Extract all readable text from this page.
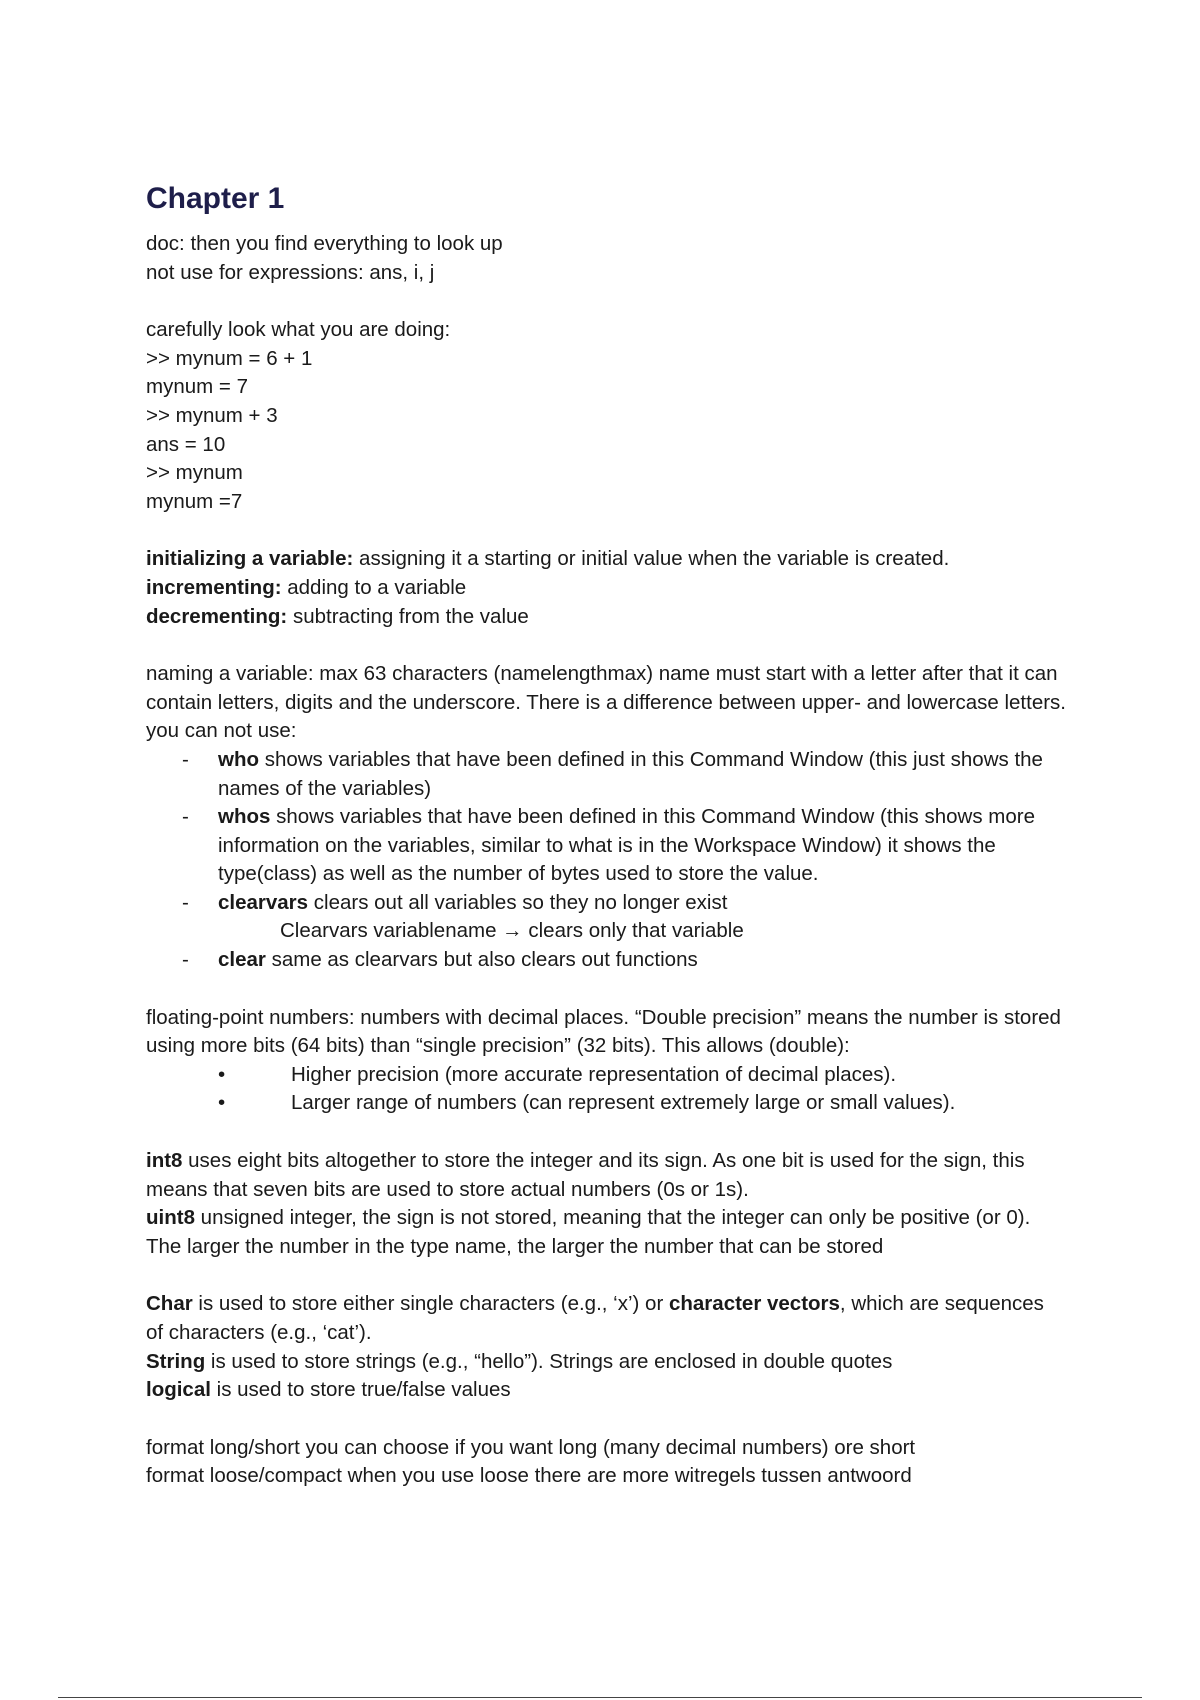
Chapter 1
doc: then you find everything to look up
not use for expressions: ans, i, j
carefully look what you are doing:
>> mynum = 6 + 1
mynum = 7
>> mynum + 3
ans = 10
>> mynum
mynum =7
initializing a variable: assigning it a starting or initial value when the variable is created.
incrementing: adding to a variable
decrementing: subtracting from the value
naming a variable: max 63 characters (namelengthmax) name must start with a letter after that it can contain letters, digits and the underscore. There is a difference between upper- and lowercase letters. you can not use:
- who shows variables that have been defined in this Command Window (this just shows the names of the variables)
- whos shows variables that have been defined in this Command Window (this shows more information on the variables, similar to what is in the Workspace Window) it shows the type(class) as well as the number of bytes used to store the value.
- clearvars clears out all variables so they no longer exist
Clearvars variablename → clears only that variable
- clear same as clearvars but also clears out functions
floating-point numbers: numbers with decimal places. “Double precision” means the number is stored using more bits (64 bits) than “single precision” (32 bits). This allows (double):
•	Higher precision (more accurate representation of decimal places).
•	Larger range of numbers (can represent extremely large or small values).
int8 uses eight bits altogether to store the integer and its sign. As one bit is used for the sign, this means that seven bits are used to store actual numbers (0s or 1s).
uint8 unsigned integer, the sign is not stored, meaning that the integer can only be positive (or 0).
The larger the number in the type name, the larger the number that can be stored
Char is used to store either single characters (e.g., ‘x’) or character vectors, which are sequences of characters (e.g., ‘cat’).
String is used to store strings (e.g., “hello”). Strings are enclosed in double quotes
logical is used to store true/false values
format long/short you can choose if you want long (many decimal numbers) ore short
format loose/compact when you use loose there are more witregels tussen antwoord
